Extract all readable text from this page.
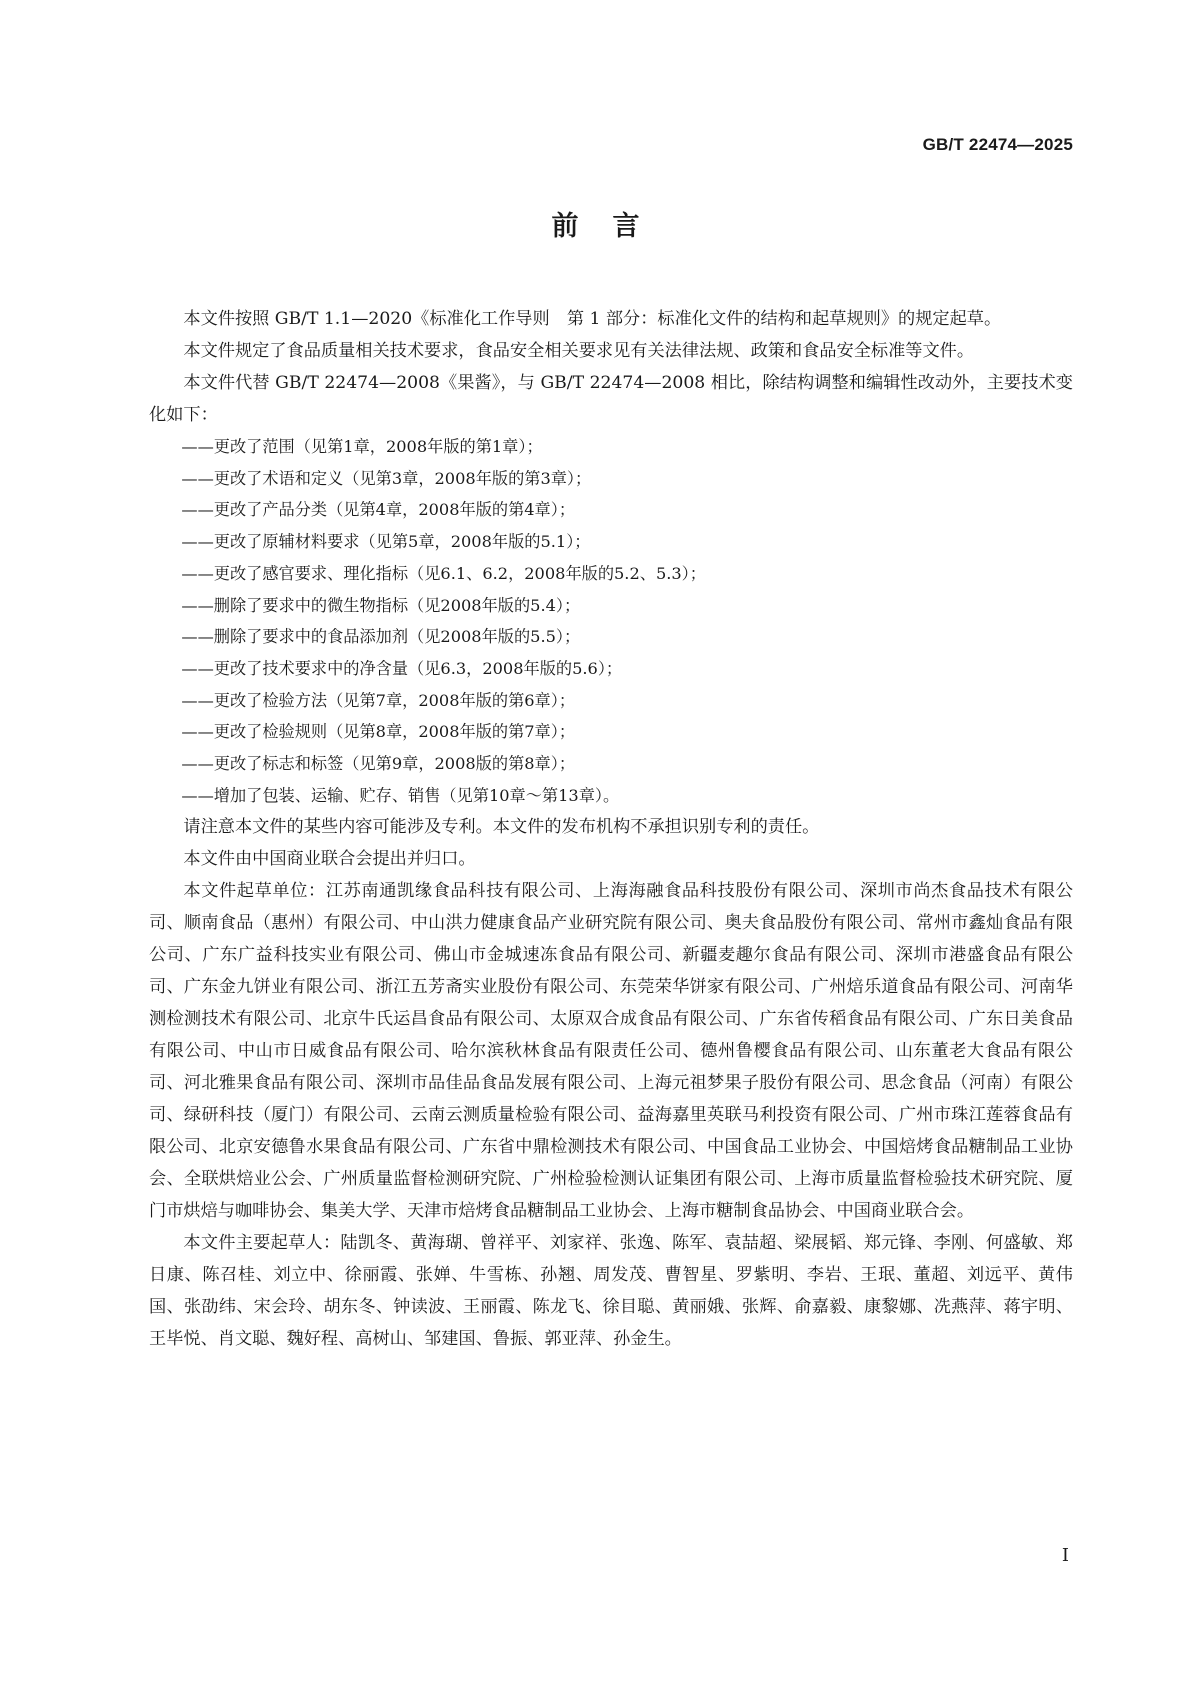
GB/T 22474—2025
前言

本文件按照 GB/T 1.1—2020《标准化工作导则　第 1 部分：标准化文件的结构和起草规则》的规定起草。

本文件规定了食品质量相关技术要求，食品安全相关要求见有关法律法规、政策和食品安全标准等文件。

本文件代替 GB/T 22474—2008《果酱》，与 GB/T 22474—2008 相比，除结构调整和编辑性改动外，主要技术变化如下：

——更改了范围（见第1章，2008年版的第1章）；
——更改了术语和定义（见第3章，2008年版的第3章）；
——更改了产品分类（见第4章，2008年版的第4章）；
——更改了原辅材料要求（见第5章，2008年版的5.1）；
——更改了感官要求、理化指标（见6.1、6.2，2008年版的5.2、5.3）；
——删除了要求中的微生物指标（见2008年版的5.4）；
——删除了要求中的食品添加剂（见2008年版的5.5）；
——更改了技术要求中的净含量（见6.3，2008年版的5.6）；
——更改了检验方法（见第7章，2008年版的第6章）；
——更改了检验规则（见第8章，2008年版的第7章）；
——更改了标志和标签（见第9章，2008版的第8章）；
——增加了包装、运输、贮存、销售（见第10章～第13章）。

请注意本文件的某些内容可能涉及专利。本文件的发布机构不承担识别专利的责任。

本文件由中国商业联合会提出并归口。

本文件起草单位：江苏南通凯缘食品科技有限公司、上海海融食品科技股份有限公司、深圳市尚杰食品技术有限公司、顺南食品（惠州）有限公司、中山洪力健康食品产业研究院有限公司、奥夫食品股份有限公司、常州市鑫灿食品有限公司、广东广益科技实业有限公司、佛山市金城速冻食品有限公司、新疆麦趣尔食品有限公司、深圳市港盛食品有限公司、广东金九饼业有限公司、浙江五芳斋实业股份有限公司、东莞荣华饼家有限公司、广州焙乐道食品有限公司、河南华测检测技术有限公司、北京牛氏运昌食品有限公司、太原双合成食品有限公司、广东省传稻食品有限公司、广东日美食品有限公司、中山市日威食品有限公司、哈尔滨秋林食品有限责任公司、德州鲁樱食品有限公司、山东董老大食品有限公司、河北雅果食品有限公司、深圳市品佳品食品发展有限公司、上海元祖梦果子股份有限公司、思念食品（河南）有限公司、绿研科技（厦门）有限公司、云南云测质量检验有限公司、益海嘉里英联马利投资有限公司、广州市珠江莲蓉食品有限公司、北京安德鲁水果食品有限公司、广东省中鼎检测技术有限公司、中国食品工业协会、中国焙烤食品糖制品工业协会、全联烘焙业公会、广州质量监督检测研究院、广州检验检测认证集团有限公司、上海市质量监督检验技术研究院、厦门市烘焙与咖啡协会、集美大学、天津市焙烤食品糖制品工业协会、上海市糖制食品协会、中国商业联合会。

本文件主要起草人：陆凯冬、黄海瑚、曾祥平、刘家祥、张逸、陈军、袁喆超、梁展韬、郑元锋、李刚、何盛敏、郑日康、陈召桂、刘立中、徐丽霞、张婵、牛雪栋、孙翘、周发茂、曹智星、罗紫明、李岩、王珉、董超、刘远平、黄伟国、张劭纬、宋会玲、胡东冬、钟读波、王丽霞、陈龙飞、徐目聪、黄丽娥、张辉、俞嘉毅、康黎娜、冼燕萍、蒋宇明、王毕悦、肖文聪、魏好程、高树山、邹建国、鲁振、郭亚萍、孙金生。

I
